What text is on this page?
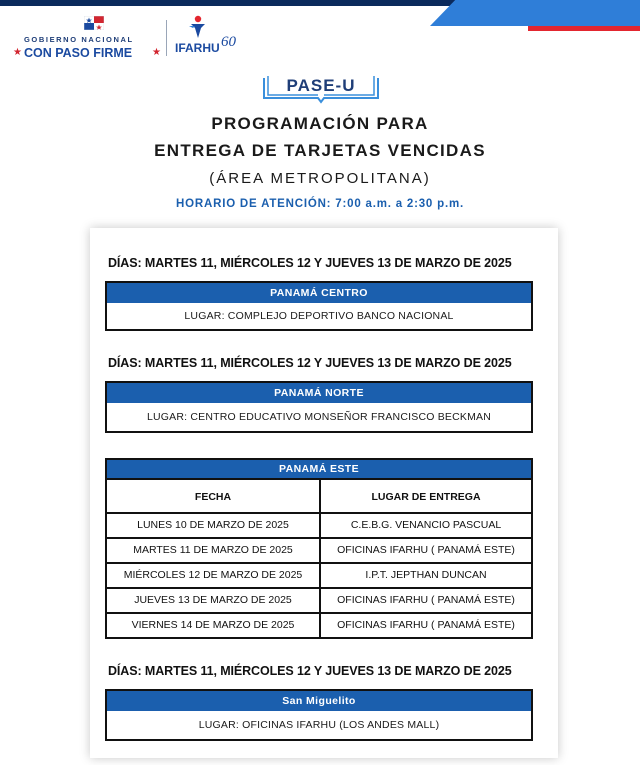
GOBIERNO NACIONAL
★ CON PASO FIRME ★ IFARHU 60
PASE-U
PROGRAMACIÓN PARA
ENTREGA DE TARJETAS VENCIDAS
(ÁREA METROPOLITANA)
HORARIO DE ATENCIÓN: 7:00 a.m. a 2:30 p.m.
DÍAS: MARTES 11, MIÉRCOLES 12 Y JUEVES 13 DE MARZO DE 2025
PANAMÁ CENTRO
LUGAR: COMPLEJO DEPORTIVO BANCO NACIONAL
DÍAS: MARTES 11, MIÉRCOLES 12 Y JUEVES 13 DE MARZO DE 2025
PANAMÁ NORTE
LUGAR: CENTRO EDUCATIVO MONSEÑOR FRANCISCO BECKMAN
PANAMÁ ESTE
FECHA	LUGAR DE ENTREGA
LUNES 10 DE MARZO DE 2025	C.E.B.G. VENANCIO PASCUAL
MARTES 11 DE MARZO DE 2025	OFICINAS IFARHU ( PANAMÁ ESTE)
MIÉRCOLES 12 DE MARZO DE 2025	I.P.T. JEPTHAN DUNCAN
JUEVES 13 DE MARZO DE 2025	OFICINAS IFARHU ( PANAMÁ ESTE)
VIERNES 14 DE MARZO DE 2025	OFICINAS IFARHU ( PANAMÁ ESTE)
DÍAS: MARTES 11, MIÉRCOLES 12 Y JUEVES 13 DE MARZO DE 2025
San Miguelito
LUGAR: OFICINAS IFARHU (LOS ANDES MALL)
